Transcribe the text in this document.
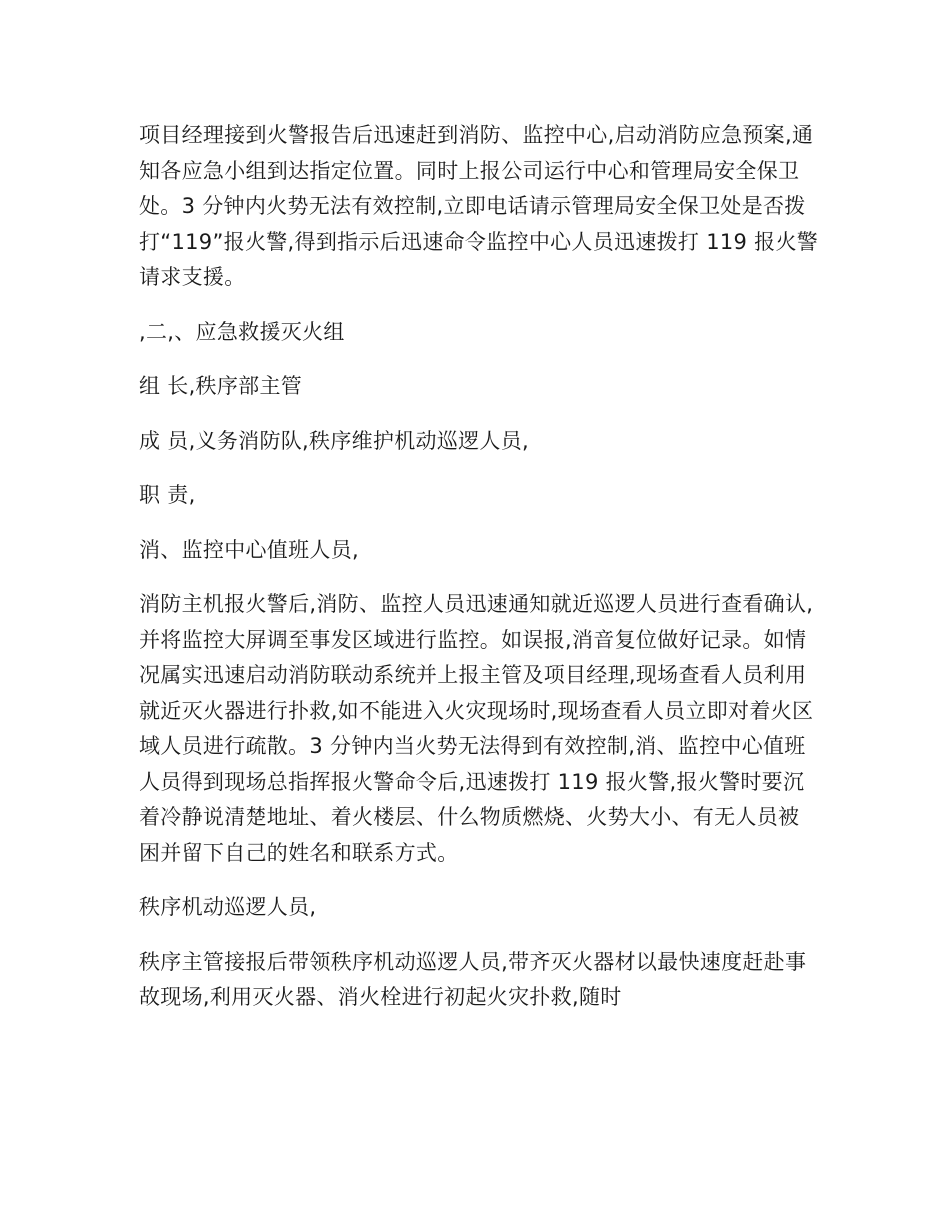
项目经理接到火警报告后迅速赶到消防、监控中心,启动消防应急预案,通知各应急小组到达指定位置。同时上报公司运行中心和管理局安全保卫处。3 分钟内火势无法有效控制,立即电话请示管理局安全保卫处是否拨打“119”报火警,得到指示后迅速命令监控中心人员迅速拨打 119 报火警请求支援。

,二,、应急救援灭火组

组 长,秩序部主管

成 员,义务消防队,秩序维护机动巡逻人员,

职 责,

消、监控中心值班人员,

消防主机报火警后,消防、监控人员迅速通知就近巡逻人员进行查看确认,并将监控大屏调至事发区域进行监控。如误报,消音复位做好记录。如情况属实迅速启动消防联动系统并上报主管及项目经理,现场查看人员利用就近灭火器进行扑救,如不能进入火灾现场时,现场查看人员立即对着火区域人员进行疏散。3 分钟内当火势无法得到有效控制,消、监控中心值班人员得到现场总指挥报火警命令后,迅速拨打 119 报火警,报火警时要沉着冷静说清楚地址、着火楼层、什么物质燃烧、火势大小、有无人员被困并留下自己的姓名和联系方式。

秩序机动巡逻人员,

秩序主管接报后带领秩序机动巡逻人员,带齐灭火器材以最快速度赶赴事故现场,利用灭火器、消火栓进行初起火灾扑救,随时
